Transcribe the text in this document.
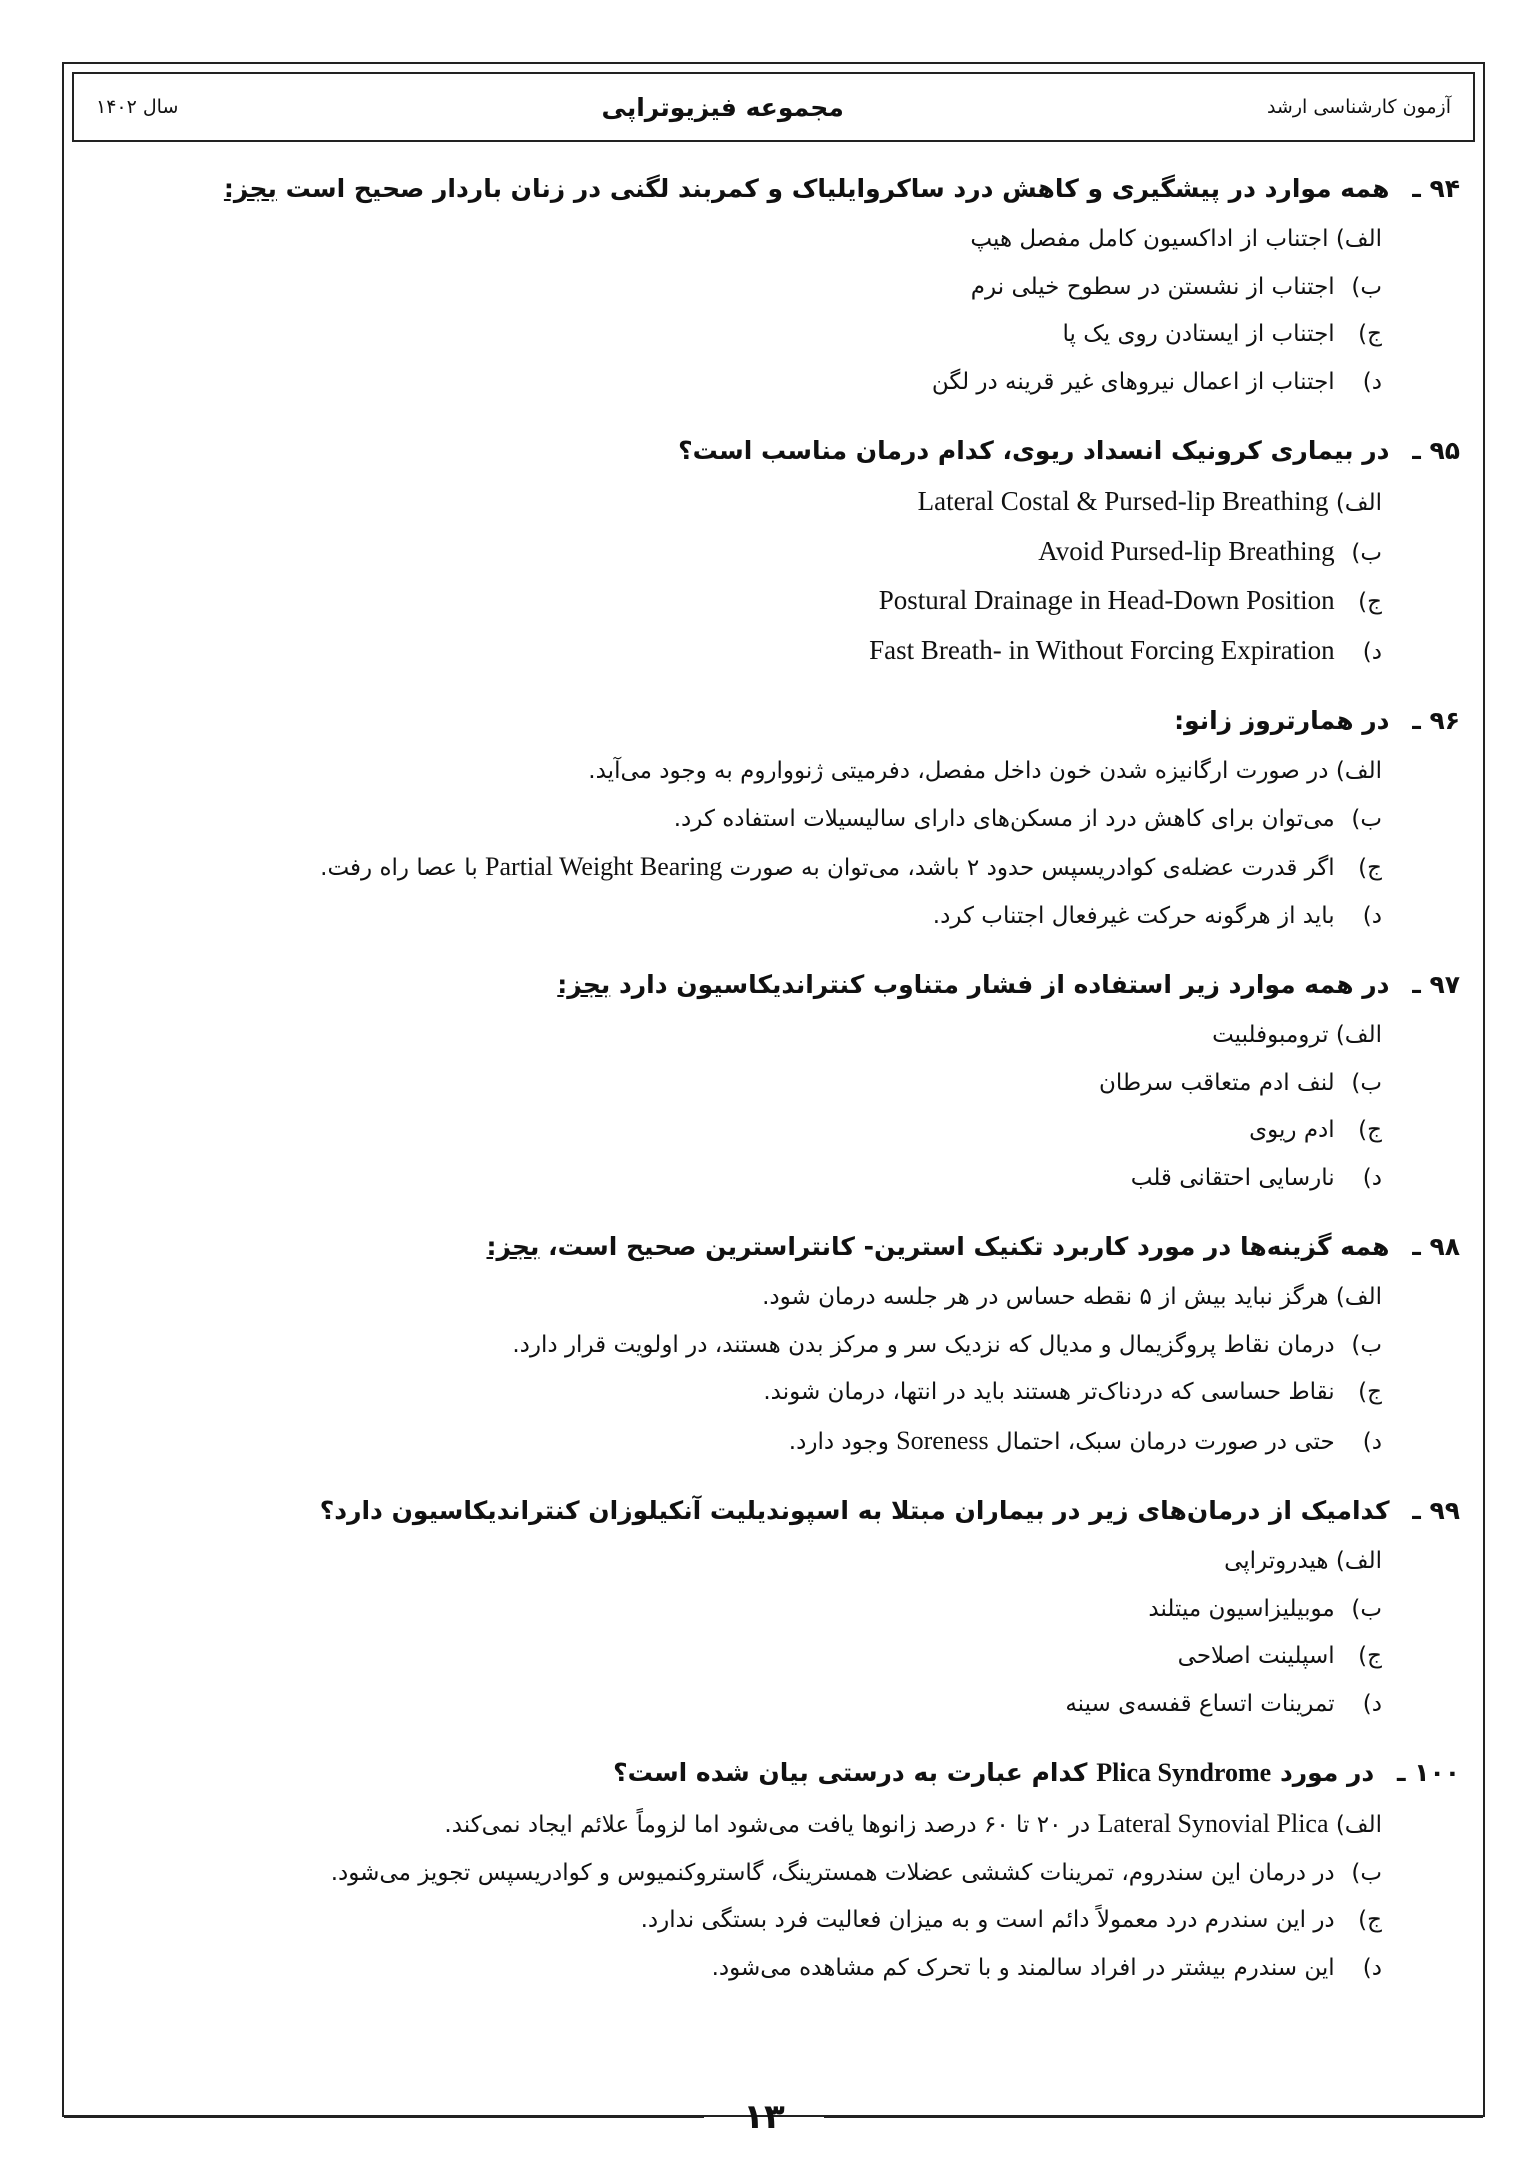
آزمون کارشناسی ارشد
مجموعه فیزیوتراپی
سال ۱۴۰۲
۹۴ ـ همه موارد در پیشگیری و کاهش درد ساکروایلیاک و کمربند لگنی در زنان باردار صحیح است بجز:
الف) اجتناب از اداکسیون کامل مفصل هیپ
ب) اجتناب از نشستن در سطوح خیلی نرم
ج) اجتناب از ایستادن روی یک پا
د) اجتناب از اعمال نیروهای غیر قرینه در لگن
۹۵ ـ در بیماری کرونیک انسداد ریوی، کدام درمان مناسب است؟
الف) Lateral Costal & Pursed-lip Breathing
ب) Avoid Pursed-lip Breathing
ج) Postural Drainage in Head-Down Position
د) Fast Breath- in Without Forcing Expiration
۹۶ ـ در همارتروز زانو:
الف) در صورت ارگانیزه شدن خون داخل مفصل، دفرمیتی ژنوواروم به وجود می‌آید.
ب) می‌توان برای کاهش درد از مسکن‌های دارای سالیسیلات استفاده کرد.
ج) اگر قدرت عضله‌ی کوادریسپس حدود ۲ باشد، می‌توان به صورت Partial Weight Bearing با عصا راه رفت.
د) باید از هرگونه حرکت غیرفعال اجتناب کرد.
۹۷ ـ در همه موارد زیر استفاده از فشار متناوب کنتراندیکاسیون دارد بجز:
الف) ترومبوفلبیت
ب) لنف ادم متعاقب سرطان
ج) ادم ریوی
د) نارسایی احتقانی قلب
۹۸ ـ همه گزینه‌ها در مورد کاربرد تکنیک استرین- کانتراسترین صحیح است، بجز:
الف) هرگز نباید بیش از ۵ نقطه حساس در هر جلسه درمان شود.
ب) درمان نقاط پروگزیمال و مدیال که نزدیک سر و مرکز بدن هستند، در اولویت قرار دارد.
ج) نقاط حساسی که دردناک‌تر هستند باید در انتها، درمان شوند.
د) حتی در صورت درمان سبک، احتمال Soreness وجود دارد.
۹۹ ـ کدامیک از درمان‌های زیر در بیماران مبتلا به اسپوندیلیت آنکیلوزان کنتراندیکاسیون دارد؟
الف) هیدروتراپی
ب) موبیلیزاسیون میتلند
ج) اسپلینت اصلاحی
د) تمرینات اتساع قفسه‌ی سینه
۱۰۰ ـ در مورد Plica Syndrome کدام عبارت به درستی بیان شده است؟
الف) Lateral Synovial Plica در ۲۰ تا ۶۰ درصد زانوها یافت می‌شود اما لزوماً علائم ایجاد نمی‌کند.
ب) در درمان این سندروم، تمرینات کششی عضلات همسترینگ، گاستروکنمیوس و کوادریسپس تجویز می‌شود.
ج) در این سندرم درد معمولاً دائم است و به میزان فعالیت فرد بستگی ندارد.
د) این سندرم بیشتر در افراد سالمند و با تحرک کم مشاهده می‌شود.
۱۳
